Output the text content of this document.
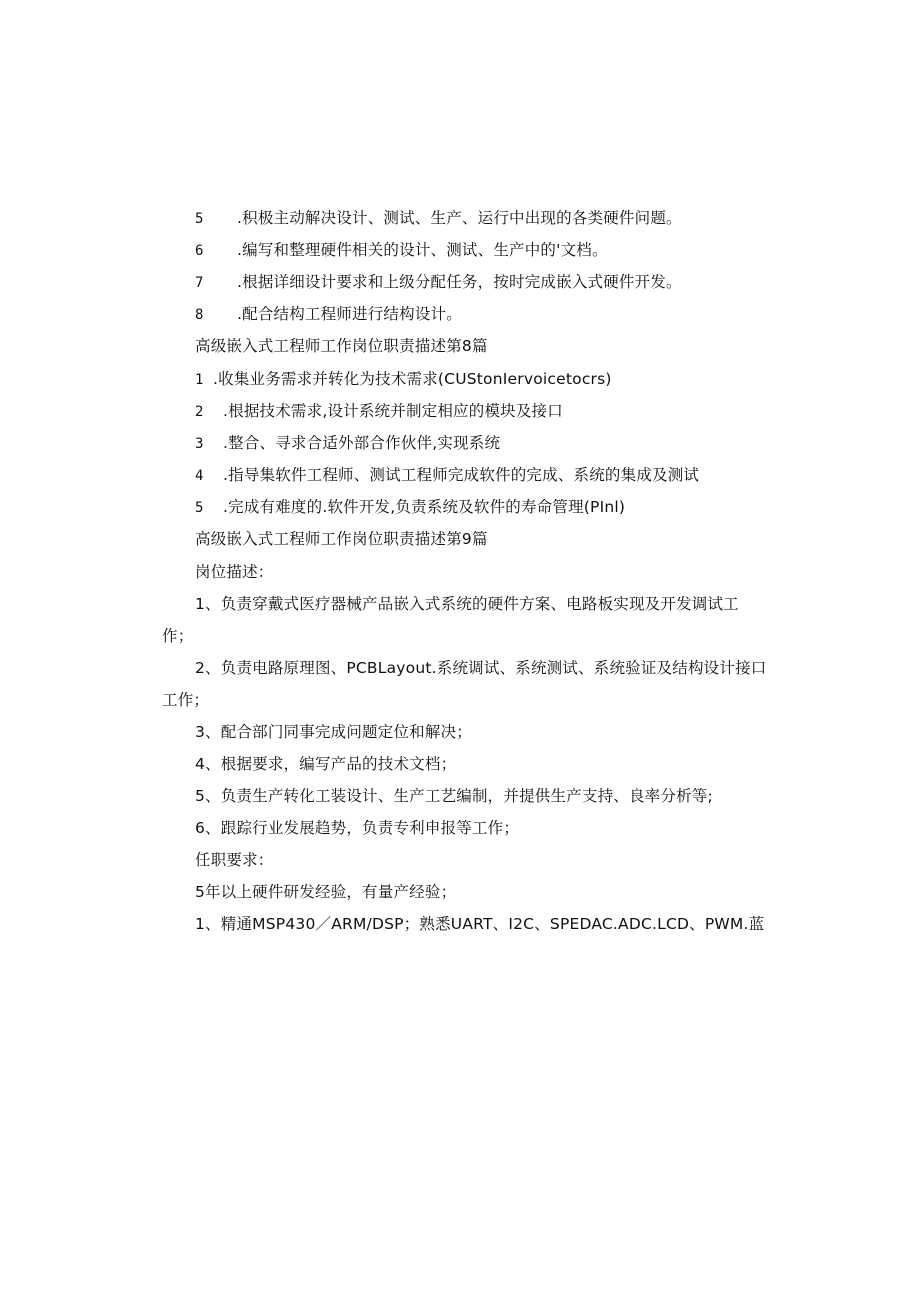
5 .积极主动解决设计、测试、生产、运行中出现的各类硬件问题。
6 .编写和整理硬件相关的设计、测试、生产中的'文档。
7 .根据详细设计要求和上级分配任务，按时完成嵌入式硬件开发。
8 .配合结构工程师进行结构设计。
高级嵌入式工程师工作岗位职责描述第8篇
1 .收集业务需求并转化为技术需求(CUStonIervoicetocrs)
2 .根据技术需求,设计系统并制定相应的模块及接口
3 .整合、寻求合适外部合作伙伴,实现系统
4 .指导集软件工程师、测试工程师完成软件的完成、系统的集成及测试
5 .完成有难度的.软件开发,负责系统及软件的寿命管理(PInl)
高级嵌入式工程师工作岗位职责描述第9篇
岗位描述：
1、负责穿戴式医疗器械产品嵌入式系统的硬件方案、电路板实现及开发调试工
作；
2、负责电路原理图、PCBLayout.系统调试、系统测试、系统验证及结构设计接口
工作；
3、配合部门同事完成问题定位和解决；
4、根据要求，编写产品的技术文档；
5、负责生产转化工装设计、生产工艺编制，并提供生产支持、良率分析等;
6、跟踪行业发展趋势，负责专利申报等工作；
任职要求：
5年以上硬件研发经验，有量产经验；
1、精通MSP430／ARM/DSP；熟悉UART、I2C、SPEDAC.ADC.LCD、PWM.蓝
